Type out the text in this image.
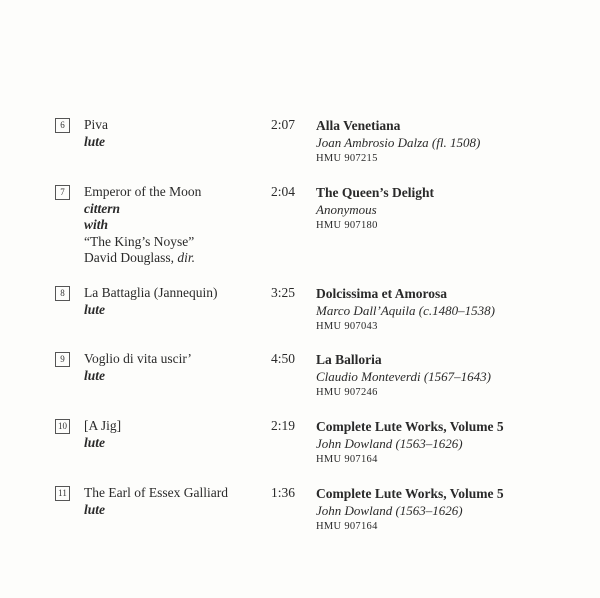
6	Piva
lute
2:07 Alla Venetiana
Joan Ambrosio Dalza (fl. 1508)
HMU 907215
7	Emperor of the Moon
cittern
with
“The King’s Noyse”
David Douglass, dir.
2:04 The Queen’s Delight
Anonymous
HMU 907180
8	La Battaglia (Jannequin)
lute
3:25 Dolcissima et Amorosa
Marco Dall’Aquila (c.1480–1538)
HMU 907043
9	Voglio di vita uscir’
lute
4:50 La Balloria
Claudio Monteverdi (1567–1643)
HMU 907246
10 [A Jig]
lute
2:19 Complete Lute Works, Volume 5
John Dowland (1563–1626)
HMU 907164
11 The Earl of Essex Galliard
lute
1:36 Complete Lute Works, Volume 5
John Dowland (1563–1626)
HMU 907164
